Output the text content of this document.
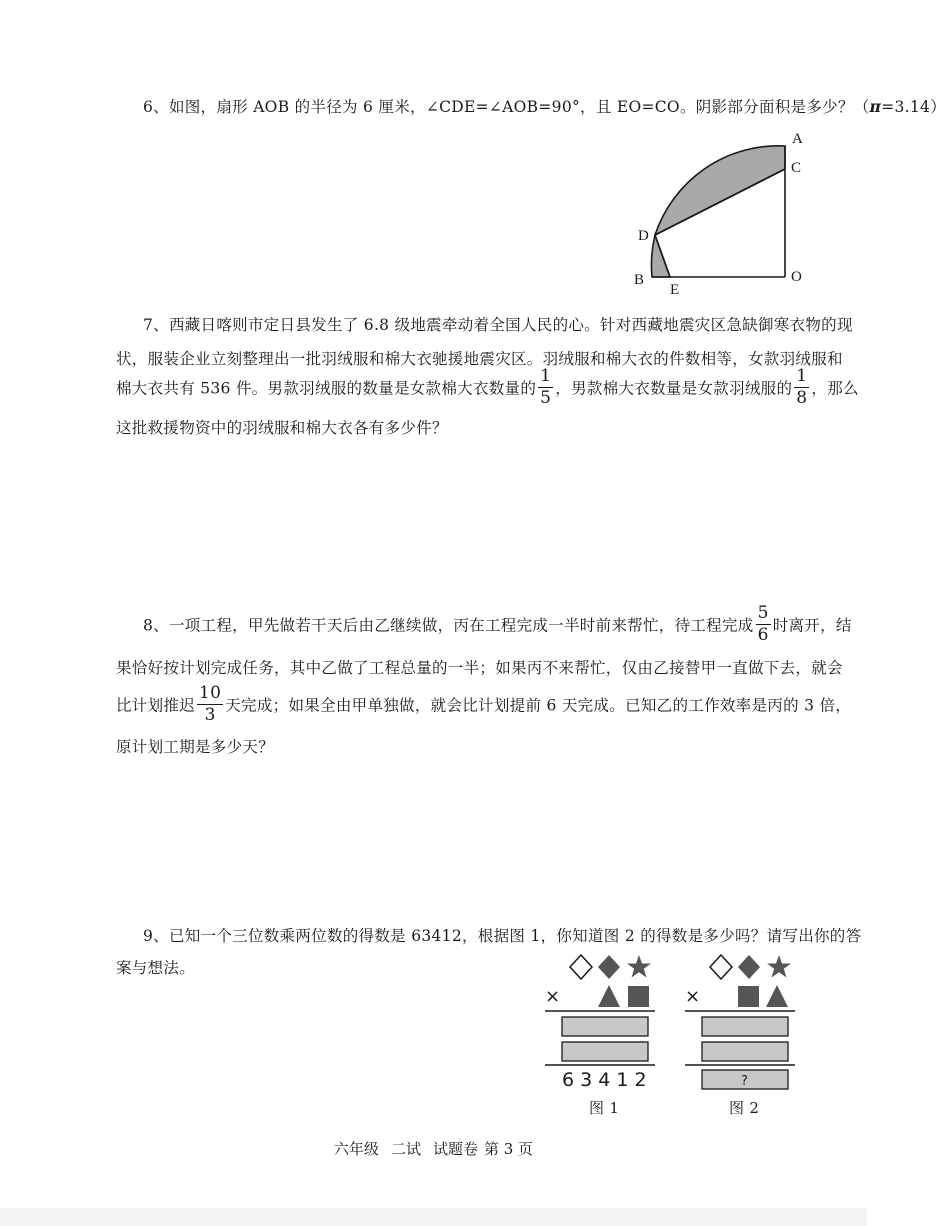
6、如图，扇形 AOB 的半径为 6 厘米，∠CDE=∠AOB=90°，且 EO=CO。阴影部分面积是多少？（π=3.14）
A
C
D
B
E
O
7、西藏日喀则市定日县发生了 6.8 级地震牵动着全国人民的心。针对西藏地震灾区急缺御寒衣物的现
状，服装企业立刻整理出一批羽绒服和棉大衣驰援地震灾区。羽绒服和棉大衣的件数相等，女款羽绒服和
棉大衣共有 536 件。男款羽绒服的数量是女款棉大衣数量的 $\frac{1}{5}$ ，男款棉大衣数量是女款羽绒服的 $\frac{1}{8}$ ，那么
这批救援物资中的羽绒服和棉大衣各有多少件？
8、一项工程，甲先做若干天后由乙继续做，丙在工程完成一半时前来帮忙，待工程完成 $\frac{5}{6}$ 时离开，结
果恰好按计划完成任务，其中乙做了工程总量的一半；如果丙不来帮忙，仅由乙接替甲一直做下去，就会
比计划推迟 $\frac{10}{3}$ 天完成；如果全由甲单独做，就会比计划提前 6 天完成。已知乙的工作效率是丙的 3 倍，
原计划工期是多少天？
9、已知一个三位数乘两位数的得数是 63412，根据图 1，你知道图 2 的得数是多少吗？请写出你的答
案与想法。
×
6 3 4 1 2
图 1
×
?
图 2
六年级 二试 试题卷 第 3 页
